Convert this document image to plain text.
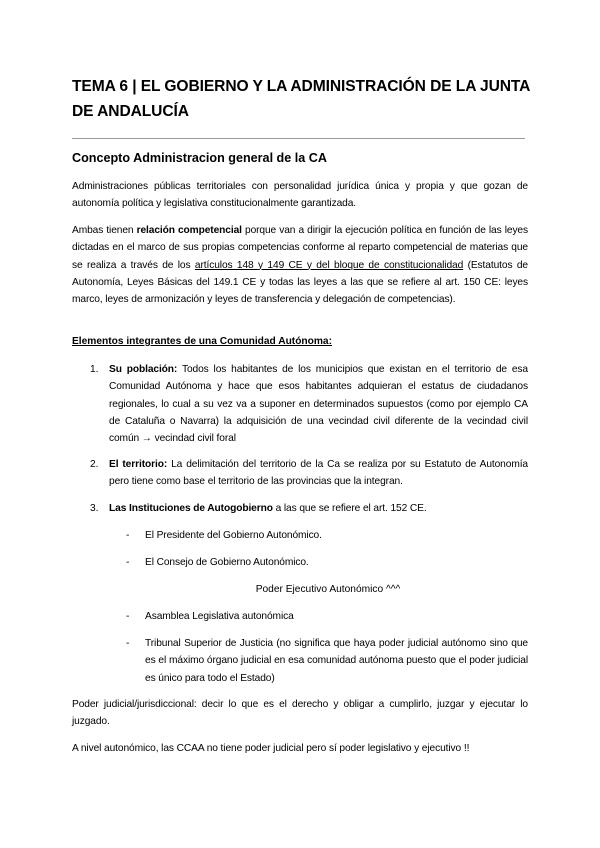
TEMA 6 | EL GOBIERNO Y LA ADMINISTRACIÓN DE LA JUNTA DE ANDALUCÍA
Concepto Administracion general de la CA
Administraciones públicas territoriales con personalidad jurídica única y propia y que gozan de autonomía política y legislativa constitucionalmente garantizada.
Ambas tienen relación competencial porque van a dirigir la ejecución política en función de las leyes dictadas en el marco de sus propias competencias conforme al reparto competencial de materias que se realiza a través de los artículos 148 y 149 CE y del bloque de constitucionalidad (Estatutos de Autonomía, Leyes Básicas del 149.1 CE y todas las leyes a las que se refiere al art. 150 CE: leyes marco, leyes de armonización y leyes de transferencia y delegación de competencias).
Elementos integrantes de una Comunidad Autónoma:
1. Su población: Todos los habitantes de los municipios que existan en el territorio de esa Comunidad Autónoma y hace que esos habitantes adquieran el estatus de ciudadanos regionales, lo cual a su vez va a suponer en determinados supuestos (como por ejemplo CA de Cataluña o Navarra) la adquisición de una vecindad civil diferente de la vecindad civil común → vecindad civil foral
2. El territorio: La delimitación del territorio de la Ca se realiza por su Estatuto de Autonomía pero tiene como base el territorio de las provincias que la integran.
3. Las Instituciones de Autogobierno a las que se refiere el art. 152 CE.
- El Presidente del Gobierno Autonómico.
- El Consejo de Gobierno Autonómico.
Poder Ejecutivo Autonómico ^^^
- Asamblea Legislativa autonómica
- Tribunal Superior de Justicia (no significa que haya poder judicial autónomo sino que es el máximo órgano judicial en esa comunidad autónoma puesto que el poder judicial es único para todo el Estado)
Poder judicial/jurisdiccional: decir lo que es el derecho y obligar a cumplirlo, juzgar y ejecutar lo juzgado.
A nivel autonómico, las CCAA no tiene poder judicial pero sí poder legislativo y ejecutivo !!
